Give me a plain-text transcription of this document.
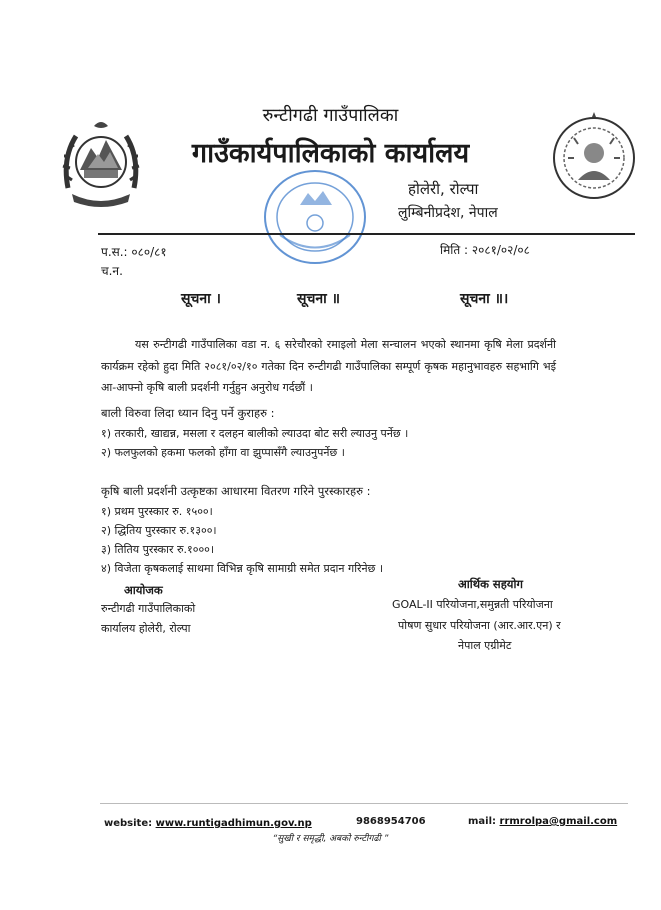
रुन्टीगढी गाउँपालिका
गाउँकार्यपालिकाको कार्यालय
होलेरी, रोल्पा
लुम्बिनीप्रदेश, नेपाल
प.स.: ०८०/८१
च.न.
मिति : २०८१/०२/०८
सूचना ।	सूचना ॥	सूचना ॥।
यस रुन्टीगढी गाउँपालिका वडा न. ६ सरेचौरको रमाइलो मेला सन्चालन भएको स्थानमा कृषि मेला प्रदर्शनी कार्यक्रम रहेको हुदा मिति २०८१/०२/१० गतेका दिन रुन्टीगढी गाउँपालिका सम्पूर्ण कृषक महानुभावहरु सहभागि भई आ-आफ्नो कृषि बाली प्रदर्शनी गर्नुहुन अनुरोध गर्दछौं ।
बाली विरुवा लिदा ध्यान दिनु पर्ने कुराहरु :
१) तरकारी, खाद्यन्न, मसला र दलहन बालीको ल्याउदा बोट सरी ल्याउनु पर्नेछ ।
२) फलफुलको हकमा फलको हाँगा वा झुप्पासँगै ल्याउनुपर्नेछ ।
कृषि बाली प्रदर्शनी उत्कृष्टका आधारमा वितरण गरिने पुरस्कारहरु :
१) प्रथम पुरस्कार रु. १५००।
२) द्धितिय पुरस्कार रु.१३००।
३) तितिय पुरस्कार रु.१०००।
४) विजेता कृषकलाई साथमा विभिन्न कृषि सामाग्री समेत प्रदान गरिनेछ ।
आयोजक
रुन्टीगढी गाउँपालिकाको
कार्यालय होलेरी, रोल्पा
आर्थिक सहयोग
GOAL-II परियोजना,समुन्नती परियोजना
पोषण सुधार परियोजना (आर.आर.एन) र
नेपाल एग्रीमेट
website: www.runtigadhimun.gov.np	9868954706	mail: rrmrolpa@gmail.com
“सुखी र समृद्धी, अबको रुन्टीगढी ”
